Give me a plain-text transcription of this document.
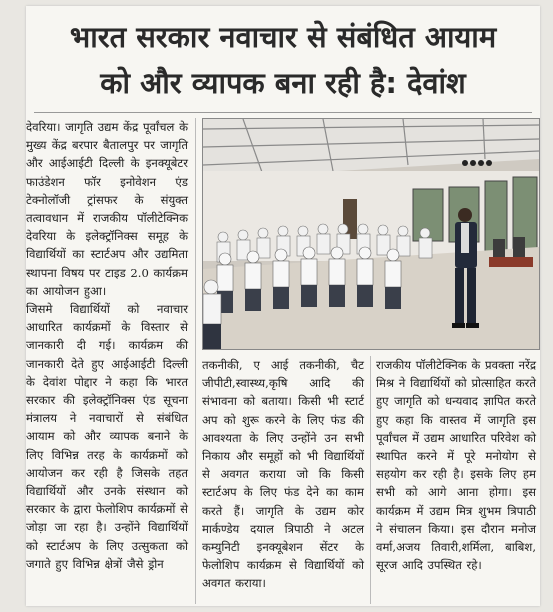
भारत सरकार नवाचार से संबंधित आयाम
को और व्यापक बना रही है: देवांश

देवरिया। जागृति उद्यम केंद्र पूर्वांचल के मुख्य केंद्र बरपार बैतालपुर पर जागृति और आईआईटी दिल्ली के इनक्यूबेटर फाउंडेशन फॉर इनोवेशन एंड टेक्नोलॉजी ट्रांसफर के संयुक्त तत्वावधान में राजकीय पॉलीटेक्निक देवरिया के इलेक्ट्रॉनिक्स समूह के विद्यार्थियों का स्टार्टअप और उद्यमिता स्थापना विषय पर टाइड 2.0 कार्यक्रम का आयोजन हुआ।

जिसमे विद्यार्थियों को नवाचार आधारित कार्यक्रमों के विस्तार से जानकारी दी गई। कार्यक्रम की जानकारी देते हुए आईआईटी दिल्ली के देवांश पोद्दार ने कहा कि भारत सरकार की इलेक्ट्रॉनिक्स एंड सूचना मंत्रालय ने नवाचारों से संबंधित आयाम को और व्यापक बनाने के लिए विभिन्न तरह के कार्यक्रमों को आयोजन कर रही है जिसके तहत विद्यार्थियों और उनके संस्थान को सरकार के द्वारा फेलोशिप कार्यक्रमों से जोड़ा जा रहा है। उन्होंने विद्यार्थियों को स्टार्टअप के लिए उत्सुकता को जगाते हुए विभिन्न क्षेत्रों जैसे ड्रोन

तकनीकी, ए आई तकनीकी, चैट जीपीटी,स्वास्थ्य,कृषि आदि की संभावना को बताया। किसी भी स्टार्ट अप को शुरू करने के लिए फंड की आवश्यता के लिए उन्होंने उन सभी निकाय और समूहों को भी विद्यार्थियों से अवगत कराया जो कि किसी स्टार्टअप के लिए फंड देने का काम करते हैं। जागृति के उद्यम कोर मार्कण्डेय दयाल त्रिपाठी ने अटल कम्युनिटी इनक्यूबेशन सेंटर के फेलोशिप कार्यक्रम से विद्यार्थियों को अवगत कराया।
राजकीय पॉलीटेक्निक के प्रवक्ता नरेंद्र मिश्र ने विद्यार्थियों को प्रोत्साहित करते हुए जागृति को धन्यवाद ज्ञापित करते हुए कहा कि वास्तव में जागृति इस पूर्वांचल में उद्यम आधारित परिवेश को स्थापित करने में पूरे मनोयोग से सहयोग कर रही है। इसके लिए हम सभी को आगे आना होगा। इस कार्यक्रम में उद्यम मित्र शुभम त्रिपाठी ने संचालन किया। इस दौरान मनोज वर्मा,अजय तिवारी,शर्मिला, बाबिश, सूरज आदि उपस्थित रहे।
